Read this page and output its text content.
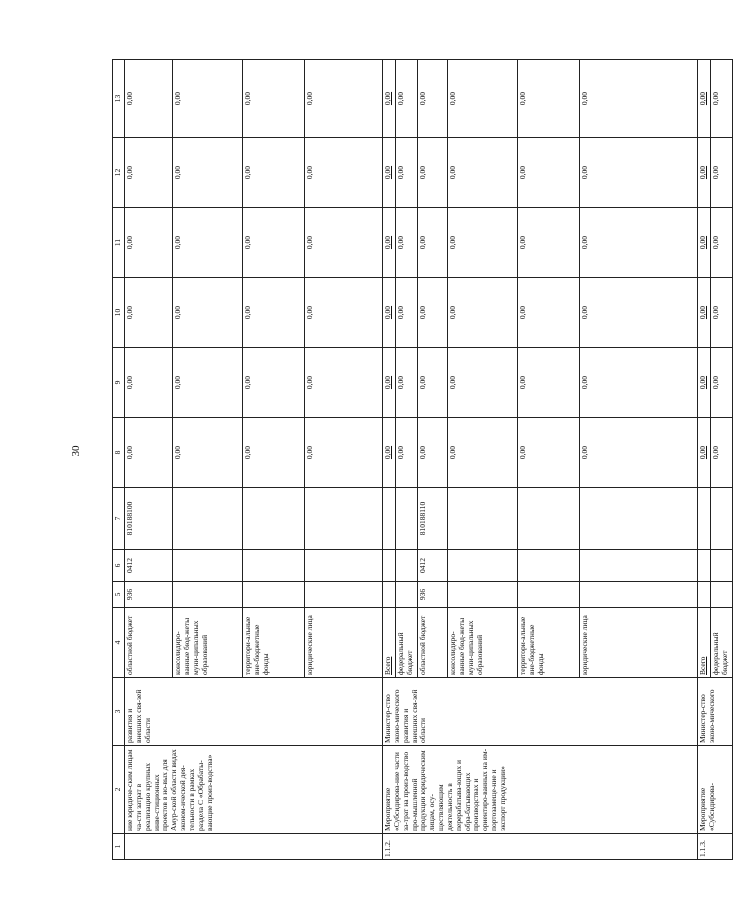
30
1	2	3	4	5	6	7	8	9	10	11	12	13
	ние юридиче-ским лицам ча-сти затрат в реализацию крупных инве-стиционных проектов в но-вых для Амур-ской области видах эконом-ической дея-тельности в рамках раздела С «Обрабаты-вающие произ-водства»	развития и внешних свя-зей области	областной бюджет	936	0412	810188100	0,00	0,00	0,00	0,00	0,00	0,00
			консолидиро-ванные бюд-жеты муни-ципальных образований				0,00	0,00	0,00	0,00	0,00	0,00
			территори-альные вне-бюджетные фонды				0,00	0,00	0,00	0,00	0,00	0,00
			юридические лица				0,00	0,00	0,00	0,00	0,00	0,00
1.1.2.	Мероприятие «Субсидирова-ние части за-трат на произ-водство про-мышленной продукции юридическим лицам, осу-ществляющим деятельность в перерабатыва-ющих и обра-батывающих производствах и ориентиро-ванных на им-портозамеще-ние и экспорт продукции»	Министер-ство эконо-мического развития и внешних свя-зей области	Всего				0,00	0,00	0,00	0,00	0,00	0,00
			федеральный бюджет				0,00	0,00	0,00	0,00	0,00	0,00
			областной бюджет	936	0412	810188110	0,00	0,00	0,00	0,00	0,00	0,00
			консолидиро-ванные бюд-жеты муни-ципальных образований				0,00	0,00	0,00	0,00	0,00	0,00
			территори-альные вне-бюджетные фонды				0,00	0,00	0,00	0,00	0,00	0,00
			юридические лица				0,00	0,00	0,00	0,00	0,00	0,00
1.1.3.	Мероприятие «Субсидирова-	Министер-ство эконо-мического	Всего				0,00	0,00	0,00	0,00	0,00	0,00
			федеральный бюджет				0,00	0,00	0,00	0,00	0,00	0,00
